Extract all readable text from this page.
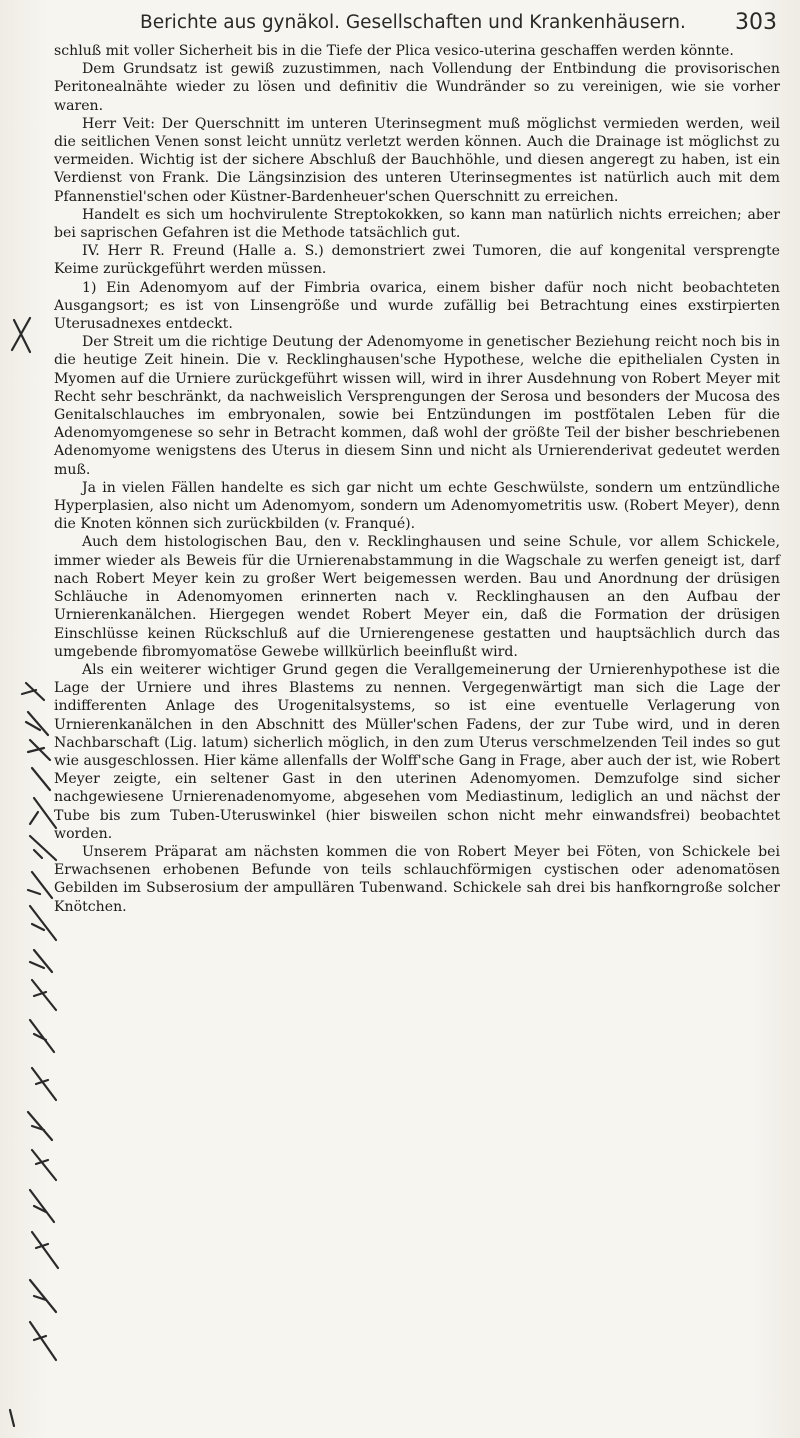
Berichte aus gynäkol. Gesellschaften und Krankenhäusern. 303

schluß mit voller Sicherheit bis in die Tiefe der Plica vesico-uterina geschaffen werden könnte.

Dem Grundsatz ist gewiß zuzustimmen, nach Vollendung der Entbindung die provisorischen Peritonealnähte wieder zu lösen und definitiv die Wundränder so zu vereinigen, wie sie vorher waren.

Herr Veit: Der Querschnitt im unteren Uterinsegment muß möglichst vermieden werden, weil die seitlichen Venen sonst leicht unnütz verletzt werden können. Auch die Drainage ist möglichst zu vermeiden. Wichtig ist der sichere Abschluß der Bauchhöhle, und diesen angeregt zu haben, ist ein Verdienst von Frank. Die Längsinzision des unteren Uterinsegmentes ist natürlich auch mit dem Pfannenstiel'schen oder Küstner-Bardenheuer'schen Querschnitt zu erreichen.

Handelt es sich um hochvirulente Streptokokken, so kann man natürlich nichts erreichen; aber bei saprischen Gefahren ist die Methode tatsächlich gut.

IV. Herr R. Freund (Halle a. S.) demonstriert zwei Tumoren, die auf kongenital versprengte Keime zurückgeführt werden müssen.

1) Ein Adenomyom auf der Fimbria ovarica, einem bisher dafür noch nicht beobachteten Ausgangsort; es ist von Linsengröße und wurde zufällig bei Betrachtung eines exstirpierten Uterusadnexes entdeckt.

Der Streit um die richtige Deutung der Adenomyome in genetischer Beziehung reicht noch bis in die heutige Zeit hinein. Die v. Recklinghausen'sche Hypothese, welche die epithelialen Cysten in Myomen auf die Urniere zurückgeführt wissen will, wird in ihrer Ausdehnung von Robert Meyer mit Recht sehr beschränkt, da nachweislich Versprengungen der Serosa und besonders der Mucosa des Genitalschlauches im embryonalen, sowie bei Entzündungen im postfötalen Leben für die Adenomyomgenese so sehr in Betracht kommen, daß wohl der größte Teil der bisher beschriebenen Adenomyome wenigstens des Uterus in diesem Sinn und nicht als Urnierenderivat gedeutet werden muß.

Ja in vielen Fällen handelte es sich gar nicht um echte Geschwülste, sondern um entzündliche Hyperplasien, also nicht um Adenomyom, sondern um Adenomyometritis usw. (Robert Meyer), denn die Knoten können sich zurückbilden (v. Franqué).

Auch dem histologischen Bau, den v. Recklinghausen und seine Schule, vor allem Schickele, immer wieder als Beweis für die Urnierenabstammung in die Wagschale zu werfen geneigt ist, darf nach Robert Meyer kein zu großer Wert beigemessen werden. Bau und Anordnung der drüsigen Schläuche in Adenomyomen erinnerten nach v. Recklinghausen an den Aufbau der Urnierenkanälchen. Hiergegen wendet Robert Meyer ein, daß die Formation der drüsigen Einschlüsse keinen Rückschluß auf die Urnierengenese gestatten und hauptsächlich durch das umgebende fibromyomatöse Gewebe willkürlich beeinflußt wird.

Als ein weiterer wichtiger Grund gegen die Verallgemeinerung der Urnierenhypothese ist die Lage der Urniere und ihres Blastems zu nennen. Vergegenwärtigt man sich die Lage der indifferenten Anlage des Urogenitalsystems, so ist eine eventuelle Verlagerung von Urnierenkanälchen in den Abschnitt des Müller'schen Fadens, der zur Tube wird, und in deren Nachbarschaft (Lig. latum) sicherlich möglich, in den zum Uterus verschmelzenden Teil indes so gut wie ausgeschlossen. Hier käme allenfalls der Wolff'sche Gang in Frage, aber auch der ist, wie Robert Meyer zeigte, ein seltener Gast in den uterinen Adenomyomen. Demzufolge sind sicher nachgewiesene Urnierenadenomyome, abgesehen vom Mediastinum, lediglich an und nächst der Tube bis zum Tuben-Uteruswinkel (hier bisweilen schon nicht mehr einwandsfrei) beobachtet worden.

Unserem Präparat am nächsten kommen die von Robert Meyer bei Föten, von Schickele bei Erwachsenen erhobenen Befunde von teils schlauchförmigen cystischen oder adenomatösen Gebilden im Subserosium der ampullären Tubenwand. Schickele sah drei bis hanfkorngroße solcher Knötchen.
